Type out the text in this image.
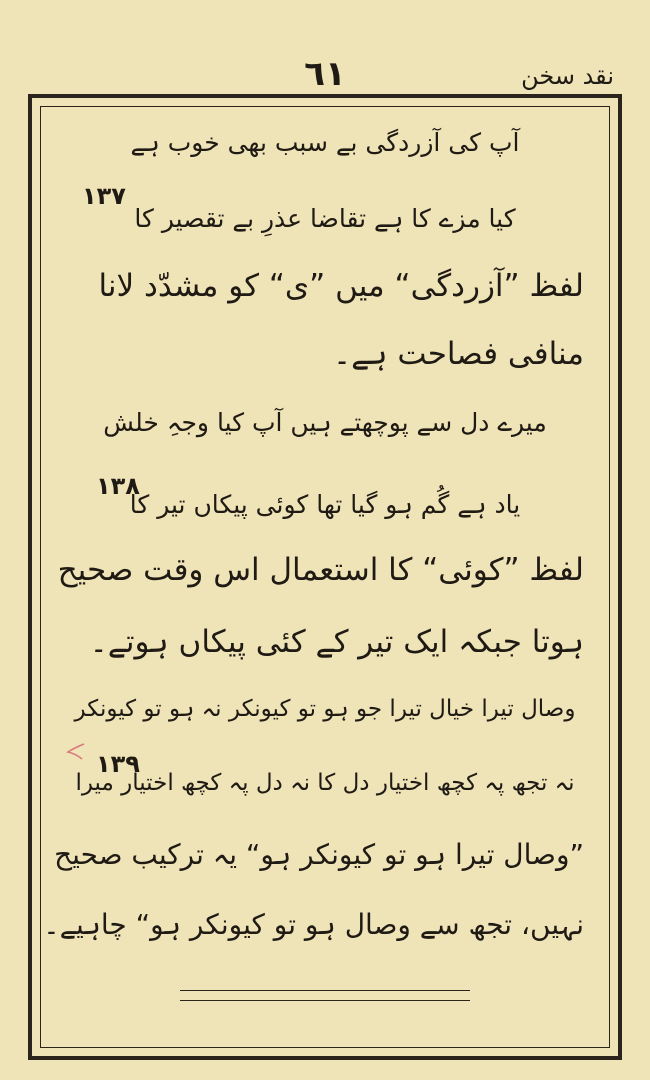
نقد سخن
٦١
آپ کی آزردگی بے سبب بھی خوب ہے
١٣٧
کیا مزے کا ہے تقاضا عذرِ بے تقصیر کا
لفظ ”آزردگی“ میں ”ی“ کو مشدّد لانا
منافی فصاحت ہے۔
میرے دل سے پوچھتے ہیں آپ کیا وجہِ خلش
١٣٨
یاد ہے گُم ہو گیا تھا کوئی پیکاں تیر کا
لفظ ”کوئی“ کا استعمال اس وقت صحیح
ہوتا جبکہ ایک تیر کے کئی پیکاں ہوتے۔
وصال تیرا خیال تیرا جو ہو تو کیونکر نہ ہو تو کیونکر
١٣٩
نہ تجھ پہ کچھ اختیار دل کا نہ دل پہ کچھ اختیار میرا
”وصال تیرا ہو تو کیونکر ہو“ یہ ترکیب صحیح
نہیں، تجھ سے وصال ہو تو کیونکر ہو“ چاہیے۔
